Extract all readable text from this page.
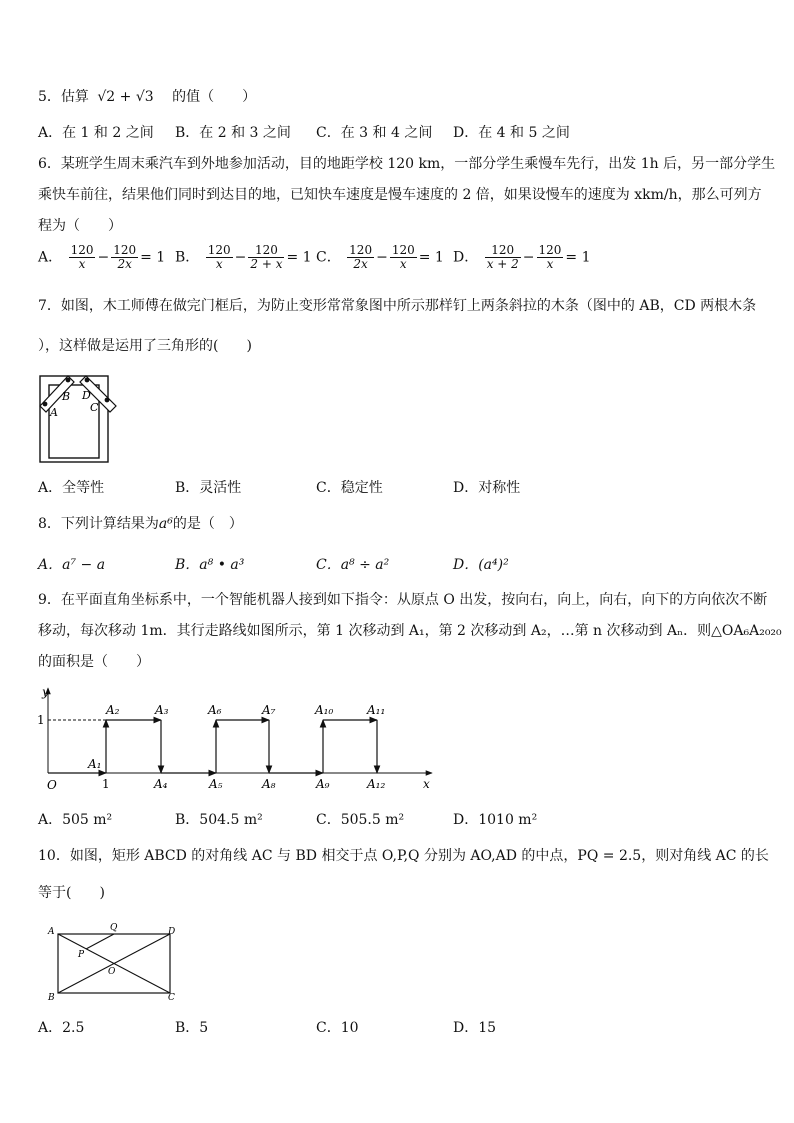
5．估算 √2 + √3 的值（　　）
A．在 1 和 2 之间 B．在 2 和 3 之间 C．在 3 和 4 之间 D．在 4 和 5 之间
6．某班学生周末乘汽车到外地参加活动，目的地距学校 120 km，一部分学生乘慢车先行，出发 1h 后，另一部分学生
乘快车前往，结果他们同时到达目的地，已知快车速度是慢车速度的 2 倍，如果设慢车的速度为 xkm/h，那么可列方
程为（　　）
A． $\frac{120}{x} - \frac{120}{2x} = 1$ B． $\frac{120}{x} - \frac{120}{2 + x} = 1$ C． $\frac{120}{2x} - \frac{120}{x} = 1$ D． $\frac{120}{x + 2} - \frac{120}{x} = 1$
7．如图，木工师傅在做完门框后，为防止变形常常象图中所示那样钉上两条斜拉的木条（图中的 AB，CD 两根木条
），这样做是运用了三角形的(　　)
A
B D
C
A．全等性	B．灵活性	C．稳定性	D．对称性
8．下列计算结果为a⁶的是（　）
A．a⁷ − a	B．a⁸ • a³	C．a⁸ ÷ a²	D．(a⁴)²
9．在平面直角坐标系中，一个智能机器人接到如下指令：从原点 O 出发，按向右，向上，向右，向下的方向依次不断
移动，每次移动 1m．其行走路线如图所示，第 1 次移动到 A₁，第 2 次移动到 A₂，…第 n 次移动到 Aₙ．则△OA₆A₂₀₂₀
的面积是（　　）
y
x
O
1
1
A₁
A₂	A₃
A₄	A₅
A₆	A₇
A₈	A₉
A₁₀	A₁₁
A₁₂
A．505 m²	B．504.5 m²	C．505.5 m²	D．1010 m²
10．如图，矩形 ABCD 的对角线 AC 与 BD 相交于点 O,P,Q 分别为 AO,AD 的中点，PQ = 2.5，则对角线 AC 的长
等于(　　)
A
B	C
D
O
P
Q
A．2.5	B．5	C．10	D．15
